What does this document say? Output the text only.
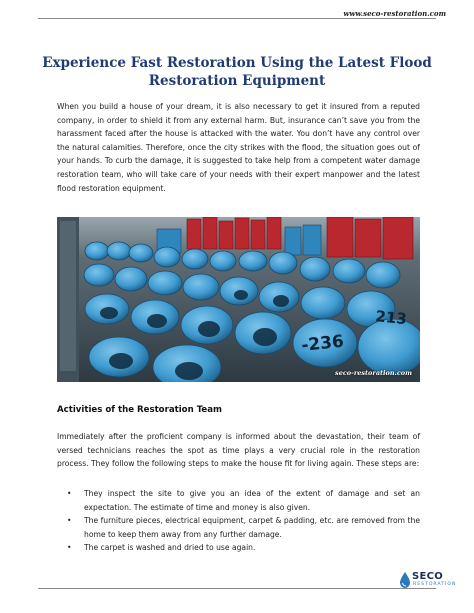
www.seco-restoration.com
Experience Fast Restoration Using the Latest Flood Restoration Equipment

When you build a house of your dream, it is also necessary to get it insured from a reputed company, in order to shield it from any external harm. But, insurance can’t save you from the harassment faced after the house is attacked with the water. You don’t have any control over the natural calamities. Therefore, once the city strikes with the flood, the situation goes out of your hands. To curb the damage, it is suggested to take help from a competent water damage restoration team, who will take care of your needs with their expert manpower and the latest flood restoration equipment.

-236
213
seco-restoration.com
Activities of the Restoration Team

Immediately after the proficient company is informed about the devastation, their team of versed technicians reaches the spot as time plays a very crucial role in the restoration process. They follow the following steps to make the house fit for living again. These steps are:

• They inspect the site to give you an idea of the extent of damage and set an expectation. The estimate of time and money is also given.
• The furniture pieces, electrical equipment, carpet & padding, etc. are removed from the home to keep them away from any further damage.
• The carpet is washed and dried to use again.
SECO
RESTORATION
